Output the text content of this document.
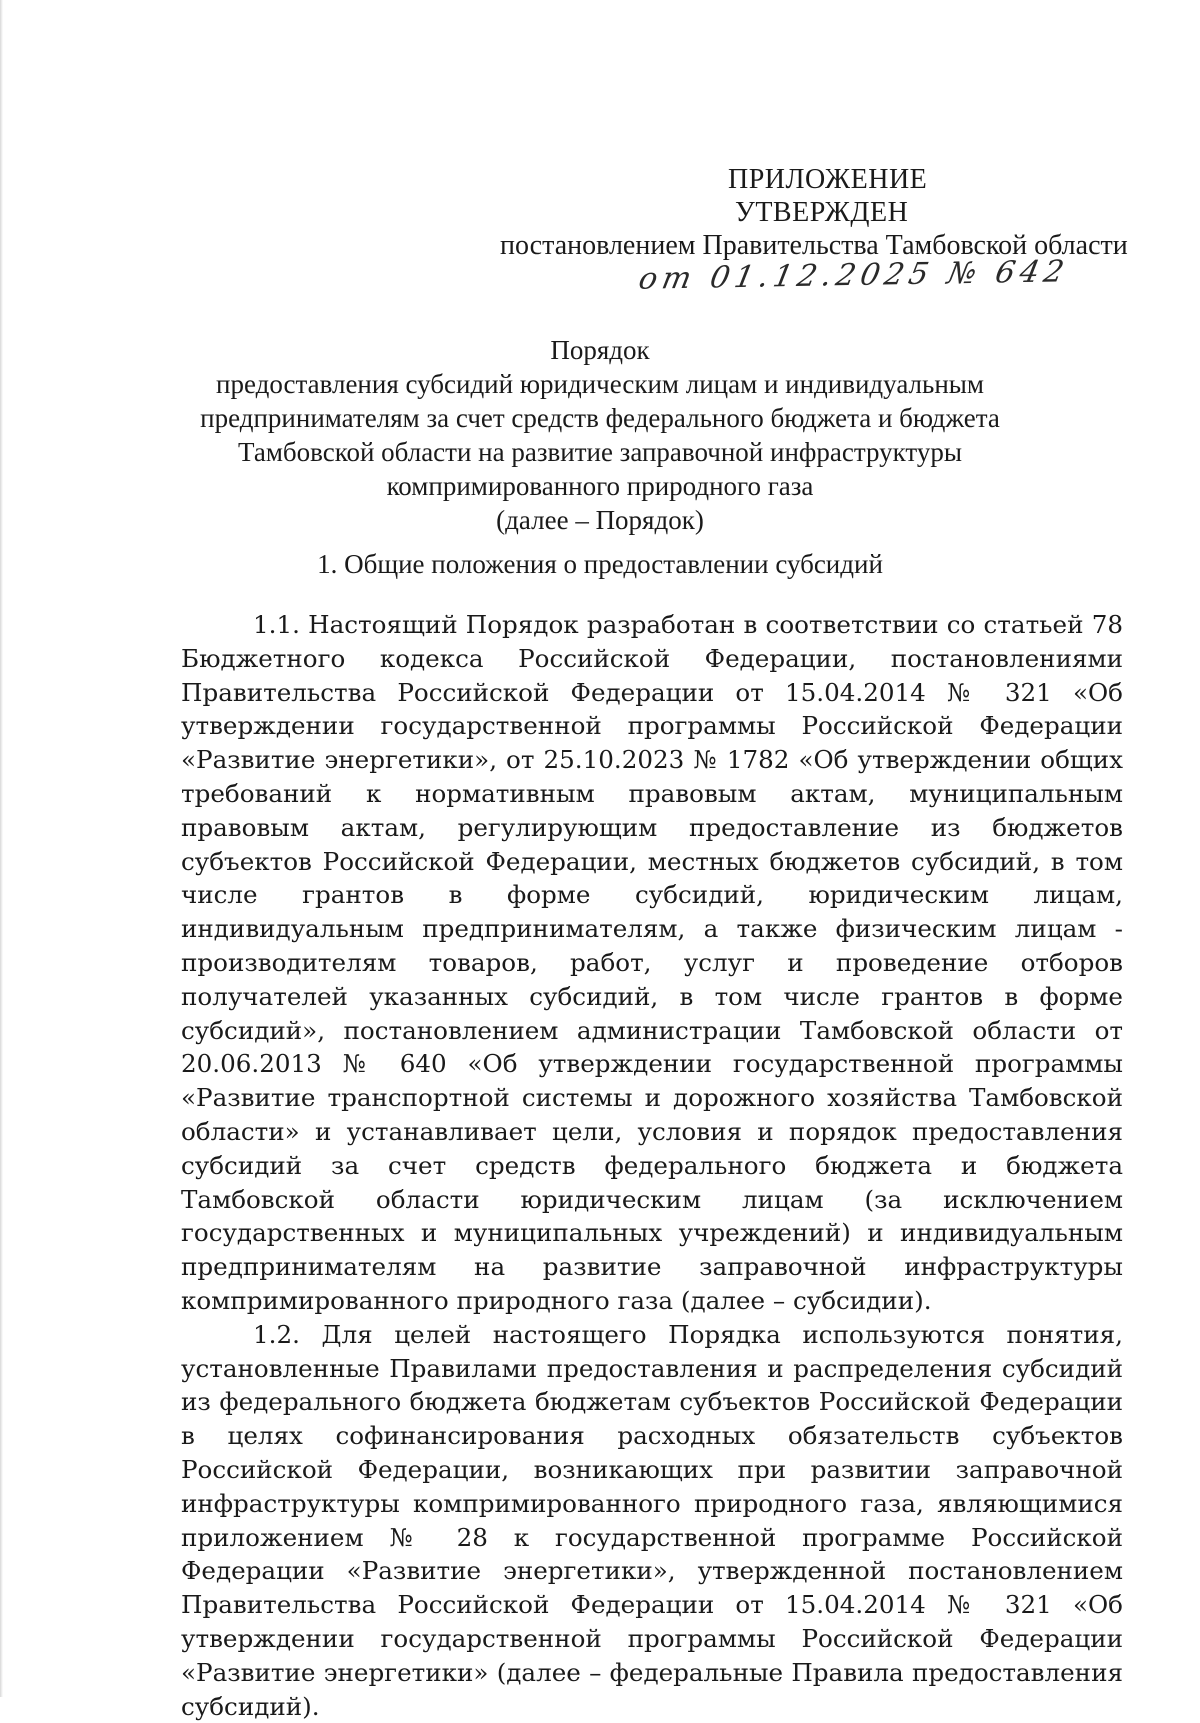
ПРИЛОЖЕНИЕ
УТВЕРЖДЕН
постановлением Правительства Тамбовской области
от 01.12.2025 № 642
Порядок
предоставления субсидий юридическим лицам и индивидуальным
предпринимателям за счет средств федерального бюджета и бюджета
Тамбовской области на развитие заправочной инфраструктуры
компримированного природного газа
(далее – Порядок)
1. Общие положения о предоставлении субсидий

1.1. Настоящий Порядок разработан в соответствии со статьей 78 Бюджетного кодекса Российской Федерации, постановлениями Правительства Российской Федерации от 15.04.2014 № 321 «Об утверждении государственной программы Российской Федерации «Развитие энергетики», от 25.10.2023 № 1782 «Об утверждении общих требований к нормативным правовым актам, муниципальным правовым актам, регулирующим предоставление из бюджетов субъектов Российской Федерации, местных бюджетов субсидий, в том числе грантов в форме субсидий, юридическим лицам, индивидуальным предпринимателям, а также физическим лицам - производителям товаров, работ, услуг и проведение отборов получателей указанных субсидий, в том числе грантов в форме субсидий», постановлением администрации Тамбовской области от 20.06.2013 № 640 «Об утверждении государственной программы «Развитие транспортной системы и дорожного хозяйства Тамбовской области» и устанавливает цели, условия и порядок предоставления субсидий за счет средств федерального бюджета и бюджета Тамбовской области юридическим лицам (за исключением государственных и муниципальных учреждений) и индивидуальным предпринимателям на развитие заправочной инфраструктуры компримированного природного газа (далее – субсидии).

1.2. Для целей настоящего Порядка используются понятия, установленные Правилами предоставления и распределения субсидий из федерального бюджета бюджетам субъектов Российской Федерации в целях софинансирования расходных обязательств субъектов Российской Федерации, возникающих при развитии заправочной инфраструктуры компримированного природного газа, являющимися приложением № 28 к государственной программе Российской Федерации «Развитие энергетики», утвержденной постановлением Правительства Российской Федерации от 15.04.2014 № 321 «Об утверждении государственной программы Российской Федерации «Развитие энергетики» (далее – федеральные Правила предоставления субсидий).
